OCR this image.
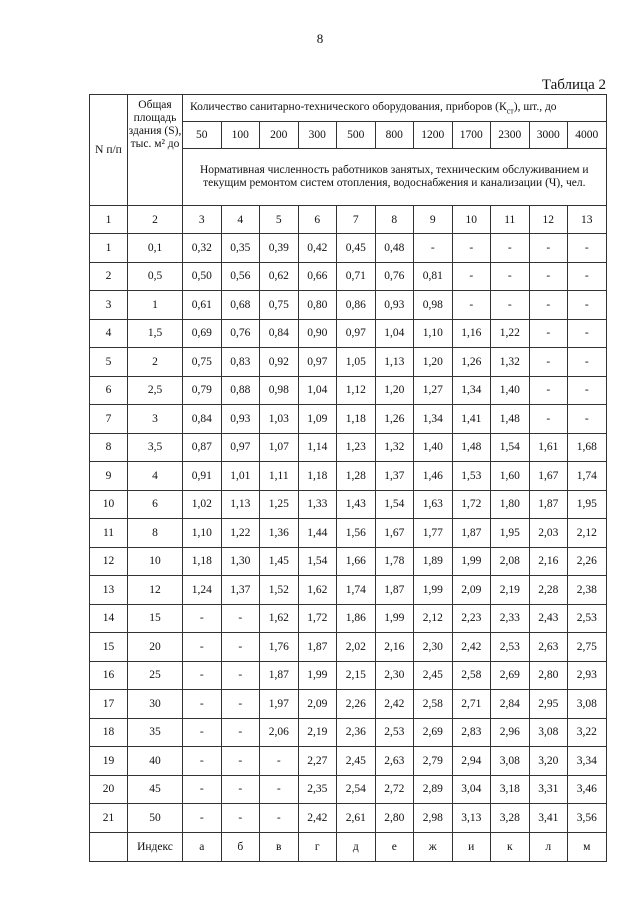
8
Таблица 2
N п/п	Общая площадь здания (S), тыс. м² до	Количество санитарно-технического оборудования, приборов $(К_{ст})$, шт., до										
		50	100	200	300	500	800	1200	1700	2300	3000	4000
		Нормативная численность работников занятых, техническим обслуживанием и текущим ремонтом систем отопления, водоснабжения и канализации (Ч), чел.										
1	2	3	4	5	6	7	8	9	10	11	12	13
1	0,1	0,32	0,35	0,39	0,42	0,45	0,48	-	-	-	-	-
2	0,5	0,50	0,56	0,62	0,66	0,71	0,76	0,81	-	-	-	-
3	1	0,61	0,68	0,75	0,80	0,86	0,93	0,98	-	-	-	-
4	1,5	0,69	0,76	0,84	0,90	0,97	1,04	1,10	1,16	1,22	-	-
5	2	0,75	0,83	0,92	0,97	1,05	1,13	1,20	1,26	1,32	-	-
6	2,5	0,79	0,88	0,98	1,04	1,12	1,20	1,27	1,34	1,40	-	-
7	3	0,84	0,93	1,03	1,09	1,18	1,26	1,34	1,41	1,48	-	-
8	3,5	0,87	0,97	1,07	1,14	1,23	1,32	1,40	1,48	1,54	1,61	1,68
9	4	0,91	1,01	1,11	1,18	1,28	1,37	1,46	1,53	1,60	1,67	1,74
10	6	1,02	1,13	1,25	1,33	1,43	1,54	1,63	1,72	1,80	1,87	1,95
11	8	1,10	1,22	1,36	1,44	1,56	1,67	1,77	1,87	1,95	2,03	2,12
12	10	1,18	1,30	1,45	1,54	1,66	1,78	1,89	1,99	2,08	2,16	2,26
13	12	1,24	1,37	1,52	1,62	1,74	1,87	1,99	2,09	2,19	2,28	2,38
14	15	-	-	1,62	1,72	1,86	1,99	2,12	2,23	2,33	2,43	2,53
15	20	-	-	1,76	1,87	2,02	2,16	2,30	2,42	2,53	2,63	2,75
16	25	-	-	1,87	1,99	2,15	2,30	2,45	2,58	2,69	2,80	2,93
17	30	-	-	1,97	2,09	2,26	2,42	2,58	2,71	2,84	2,95	3,08
18	35	-	-	2,06	2,19	2,36	2,53	2,69	2,83	2,96	3,08	3,22
19	40	-	-	-	2,27	2,45	2,63	2,79	2,94	3,08	3,20	3,34
20	45	-	-	-	2,35	2,54	2,72	2,89	3,04	3,18	3,31	3,46
21	50	-	-	-	2,42	2,61	2,80	2,98	3,13	3,28	3,41	3,56
	Индекс	а	б	в	г	д	е	ж	и	к	л	м
